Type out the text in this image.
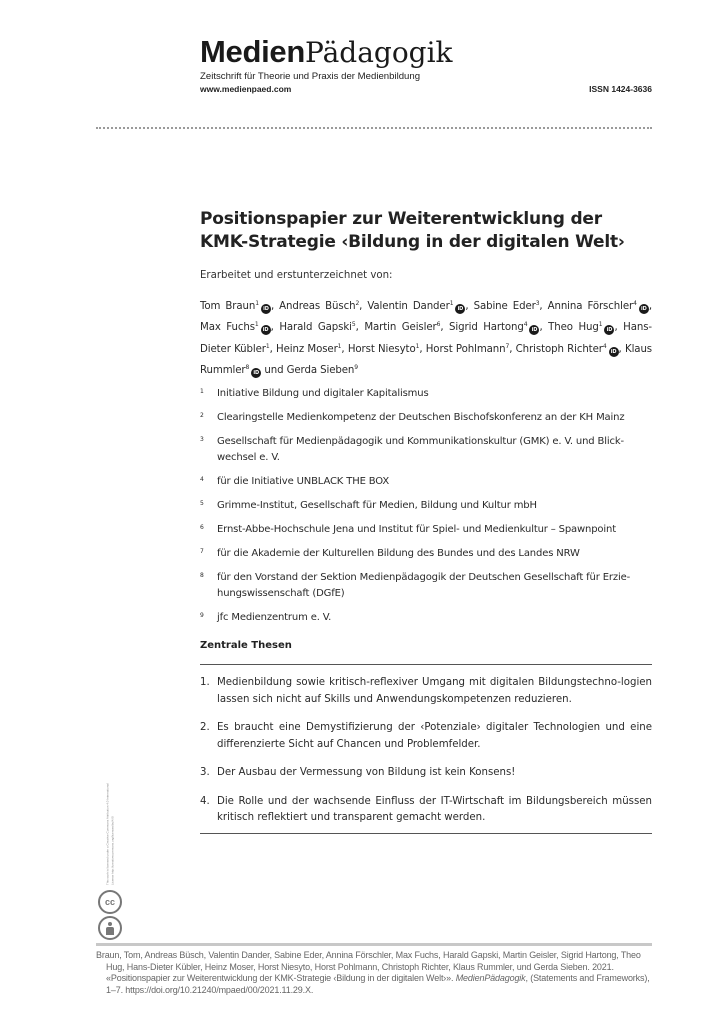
MedienPädagogik
Zeitschrift für Theorie und Praxis der Medienbildung
www.medienpaed.com	ISSN 1424-3636
Positionspapier zur Weiterentwicklung der KMK-Strategie ‹Bildung in der digitalen Welt›
Erarbeitet und erstunterzeichnet von:
Tom Braun$^1$iD , Andreas Büsch$^2$, Valentin Dander$^1$iD , Sabine Eder$^3$, Annina Förschler$^4$iD , Max Fuchs$^1$iD , Harald Gapski$^5$, Martin Geisler$^6$, Sigrid Hartong$^4$iD , Theo Hug$^1$iD , Hans-Dieter Kübler$^1$, Heinz Moser$^1$, Horst Niesyto$^1$, Horst Pohlmann$^7$, Christoph Richter$^4$iD , Klaus Rummler$^8$iD und Gerda Sieben$^9$
1	Initiative Bildung und digitaler Kapitalismus
2	Clearingstelle Medienkompetenz der Deutschen Bischofskonferenz an der KH Mainz
3	Gesellschaft für Medienpädagogik und Kommunikationskultur (GMK) e. V. und Blick-wechsel e. V.
4	für die Initiative UNBLACK THE BOX
5	Grimme-Institut, Gesellschaft für Medien, Bildung und Kultur mbH
6	Ernst-Abbe-Hochschule Jena und Institut für Spiel- und Medienkultur – Spawnpoint
7	für die Akademie der Kulturellen Bildung des Bundes und des Landes NRW
8	für den Vorstand der Sektion Medienpädagogik der Deutschen Gesellschaft für Erzie-hungswissenschaft (DGfE)
9	jfc Medienzentrum e. V.
Zentrale Thesen
1. Medienbildung sowie kritisch-reflexiver Umgang mit digitalen Bildungstechno-logien lassen sich nicht auf Skills und Anwendungskompetenzen reduzieren.
2. Es braucht eine Demystifizierung der ‹Potenziale› digitaler Technologien und eine differenzierte Sicht auf Chancen und Problemfelder.
3. Der Ausbau der Vermessung von Bildung ist kein Konsens!
4. Die Rolle und der wachsende Einfluss der IT-Wirtschaft im Bildungsbereich müssen kritisch reflektiert und transparent gemacht werden.
This work is licensed under a Creative Commons Attribution 4.0 International License http://creativecommons.org/licenses/by/4.0/
cc

Braun, Tom, Andreas Büsch, Valentin Dander, Sabine Eder, Annina Förschler, Max Fuchs, Harald Gapski, Martin Geisler, Sigrid Hartong, Theo Hug, Hans-Dieter Kübler, Heinz Moser, Horst Niesyto, Horst Pohlmann, Christoph Richter, Klaus Rummler, und Gerda Sieben. 2021. «Positionspapier zur Weiterentwicklung der KMK-Strategie ‹Bildung in der digitalen Welt›». MedienPädagogik, (Statements and Frameworks), 1–7. https://doi.org/10.21240/mpaed/00/2021.11.29.X.
